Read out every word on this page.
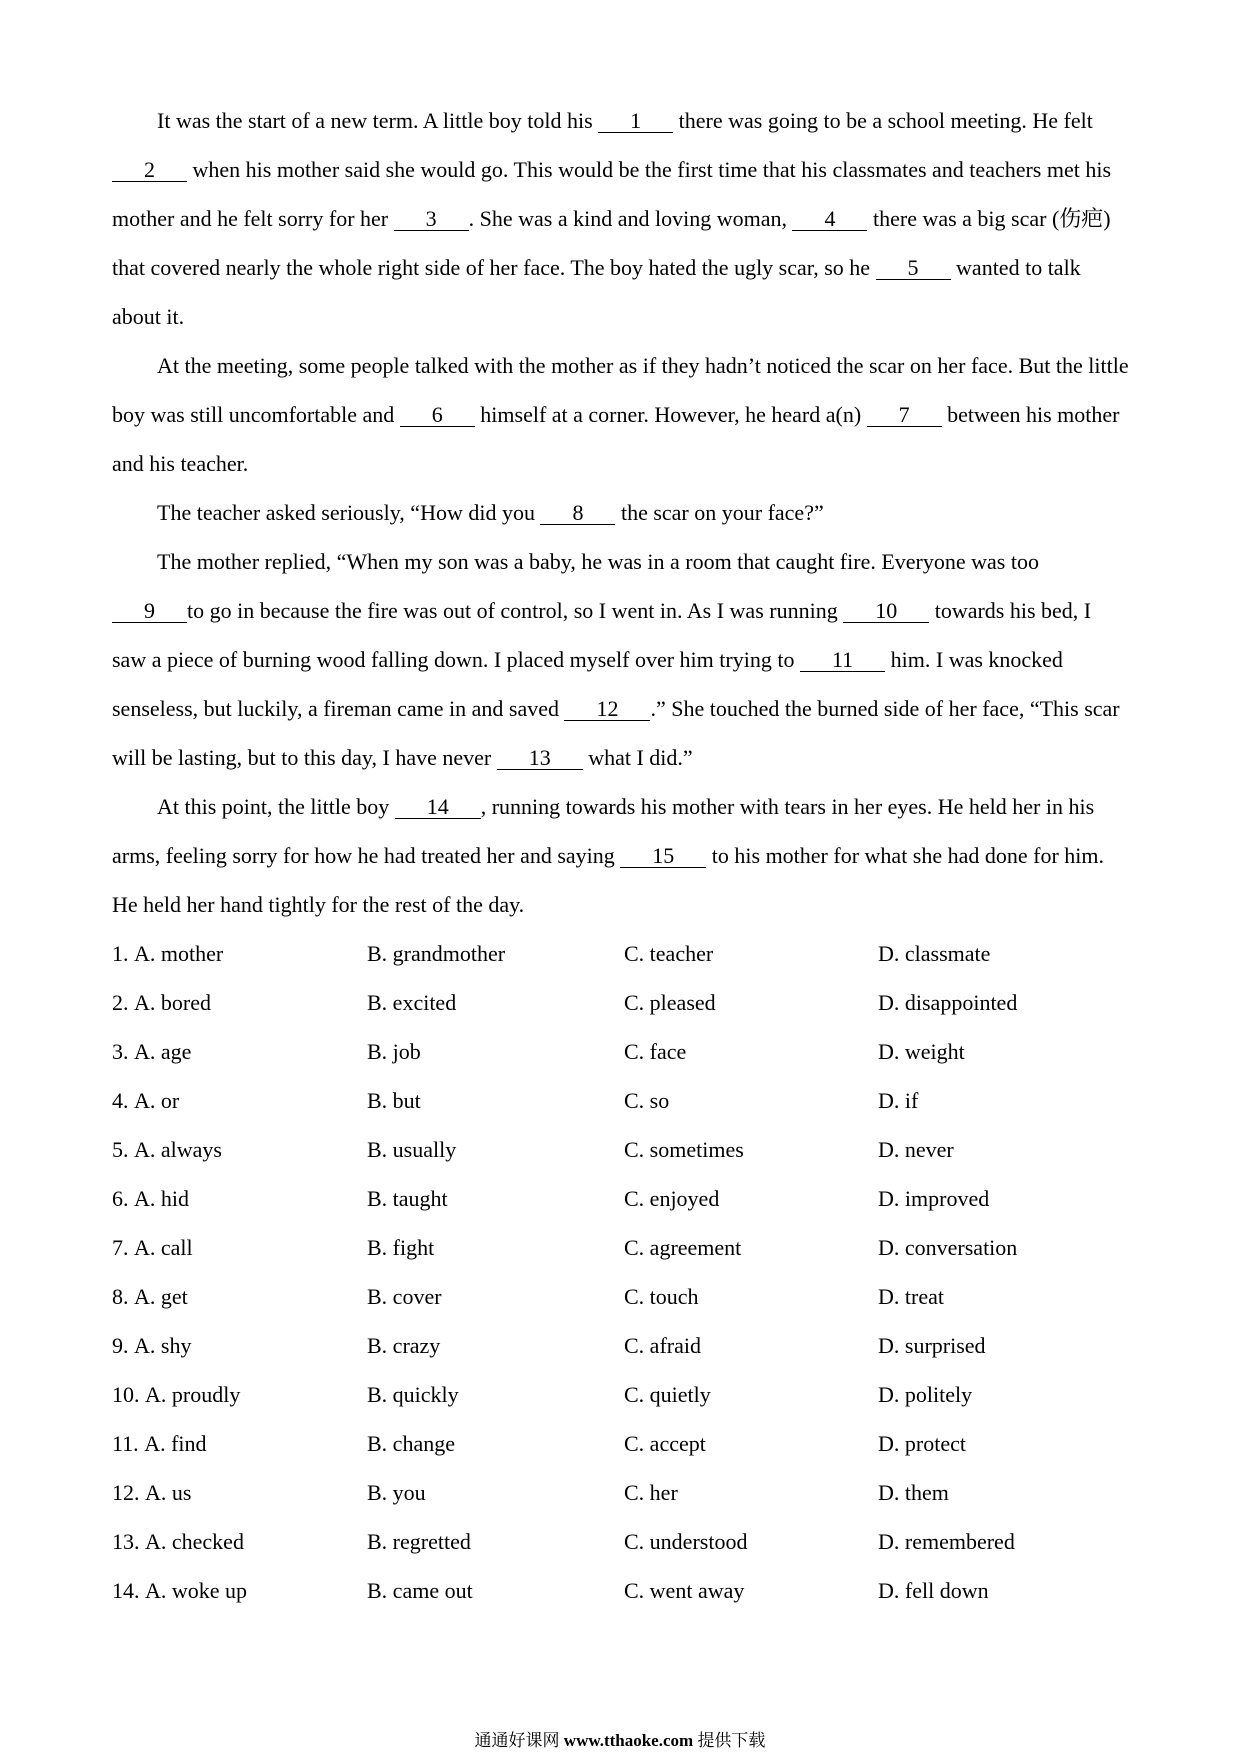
It was the start of a new term. A little boy told his 1 there was going to be a school meeting. He felt
2 when his mother said she would go. This would be the first time that his classmates and teachers met his
mother and he felt sorry for her 3 . She was a kind and loving woman, 4 there was a big scar (伤疤)
that covered nearly the whole right side of her face. The boy hated the ugly scar, so he 5 wanted to talk
about it.
At the meeting, some people talked with the mother as if they hadn’t noticed the scar on her face. But the little
boy was still uncomfortable and 6 himself at a corner. However, he heard a(n) 7 between his mother
and his teacher.
The teacher asked seriously, “How did you 8 the scar on your face?”
The mother replied, “When my son was a baby, he was in a room that caught fire. Everyone was too
9 to go in because the fire was out of control, so I went in. As I was running 10 towards his bed, I
saw a piece of burning wood falling down. I placed myself over him trying to 11 him. I was knocked
senseless, but luckily, a fireman came in and saved 12 .” She touched the burned side of her face, “This scar
will be lasting, but to this day, I have never 13 what I did.”
At this point, the little boy 14 , running towards his mother with tears in her eyes. He held her in his
arms, feeling sorry for how he had treated her and saying 15 to his mother for what she had done for him.
He held her hand tightly for the rest of the day.
1. A. mother	B. grandmother	C. teacher	D. classmate
2. A. bored	B. excited	C. pleased	D. disappointed
3. A. age	B. job	C. face	D. weight
4. A. or	B. but	C. so	D. if
5. A. always	B. usually	C. sometimes	D. never
6. A. hid	B. taught	C. enjoyed	D. improved
7. A. call	B. fight	C. agreement	D. conversation
8. A. get	B. cover	C. touch	D. treat
9. A. shy	B. crazy	C. afraid	D. surprised
10. A. proudly	B. quickly	C. quietly	D. politely
11. A. find	B. change	C. accept	D. protect
12. A. us	B. you	C. her	D. them
13. A. checked	B. regretted	C. understood	D. remembered
14. A. woke up	B. came out	C. went away	D. fell down
通通好课网 www.tthaoke.com 提供下载
